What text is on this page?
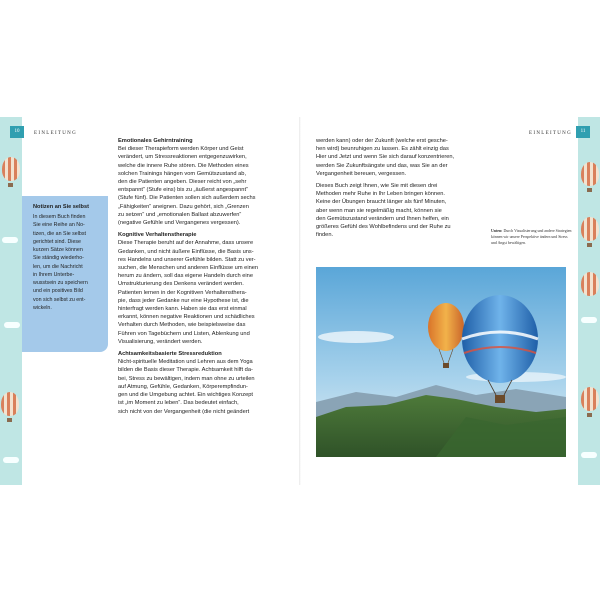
10	EINLEITUNG	EINLEITUNG	11
Notizen an Sie selbst
In diesem Buch finden
Sie eine Reihe an No-
tizen, die an Sie selbst
gerichtet sind. Diese
kurzen Sätze können
Sie ständig wiederho-
len, um die Nachricht
in Ihrem Unterbe-
wusstsein zu speichern
und ein positives Bild
von sich selbst zu ent-
wickeln.

Emotionales Gehirntraining

Bei dieser Therapieform werden Körper und Geist
verändert, um Stressreaktionen entgegenzuwirken,
welche die innere Ruhe stören. Die Methoden eines
solchen Trainings hängen vom Gemütszustand ab,
den die Patienten angeben. Dieser reicht von „sehr
entspannt“ (Stufe eins) bis zu „äußerst angespannt“
(Stufe fünf). Die Patienten sollen sich außerdem sechs
„Fähigkeiten“ aneignen. Dazu gehört, sich „Grenzen
zu setzen“ und „emotionalen Ballast abzuwerfen“
(negative Gefühle und Vergangenes vergessen).

Kognitive Verhaltenstherapie

Diese Therapie beruht auf der Annahme, dass unsere
Gedanken, und nicht äußere Einflüsse, die Basis uns-
res Handelns und unserer Gefühle bilden. Statt zu ver-
suchen, die Menschen und anderen Einflüsse um einen
herum zu ändern, soll das eigene Handeln durch eine
Umstrukturierung des Denkens verändert werden.
Patienten lernen in der Kognitiven Verhaltensthera-
pie, dass jeder Gedanke nur eine Hypothese ist, die
hinterfragt werden kann. Haben sie das erst einmal
erkannt, können negative Reaktionen und schädliches
Verhalten durch Methoden, wie beispielsweise das
Führen von Tagebüchern und Listen, Ablenkung und
Visualisierung, verändert werden.

Achtsamkeitsbasierte Stressreduktion

Nicht-spirituelle Meditation und Lehren aus dem Yoga
bilden die Basis dieser Therapie. Achtsamkeit hilft da-
bei, Stress zu bewältigen, indem man ohne zu urteilen
auf Atmung, Gefühle, Gedanken, Körperempfindun-
gen und die Umgebung achtet. Ein wichtiges Konzept
ist „im Moment zu leben“. Das bedeutet einfach,
sich nicht von der Vergangenheit (die nicht geändert

werden kann) oder der Zukunft (welche erst gesche-
hen wird) beunruhigen zu lassen. Es zählt einzig das
Hier und Jetzt und wenn Sie sich darauf konzentrieren,
werden Sie Zukunftsängste und das, was Sie an der
Vergangenheit bereuen, vergessen.

Dieses Buch zeigt Ihnen, wie Sie mit diesen drei
Methoden mehr Ruhe in Ihr Leben bringen können.
Keine der Übungen braucht länger als fünf Minuten,
aber wenn man sie regelmäßig macht, können sie
den Gemütszustand verändern und Ihnen helfen, ein
größeres Gefühl des Wohlbefindens und der Ruhe zu
finden.

Unten: Durch Visualisierung und andere Strategien können wir unsere Perspektive ändern und Stress und Angst bewältigen.
